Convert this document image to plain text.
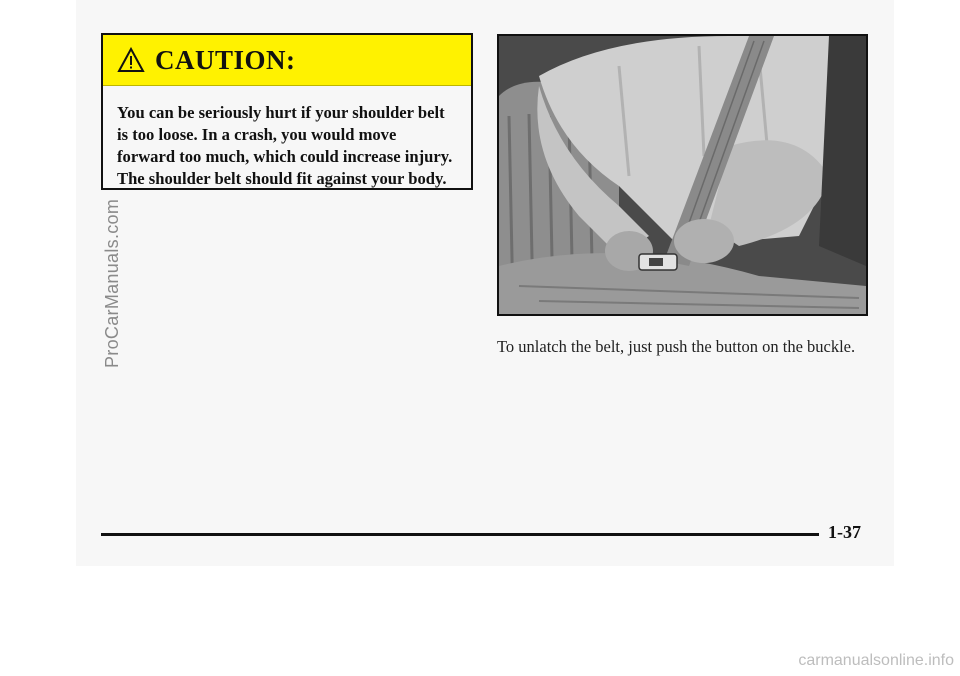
ProCarManuals.com
CAUTION:
You can be seriously hurt if your shoulder belt is too loose. In a crash, you would move forward too much, which could increase injury. The shoulder belt should fit against your body.
To unlatch the belt, just push the button on the buckle.
1-37
carmanualsonline.info
